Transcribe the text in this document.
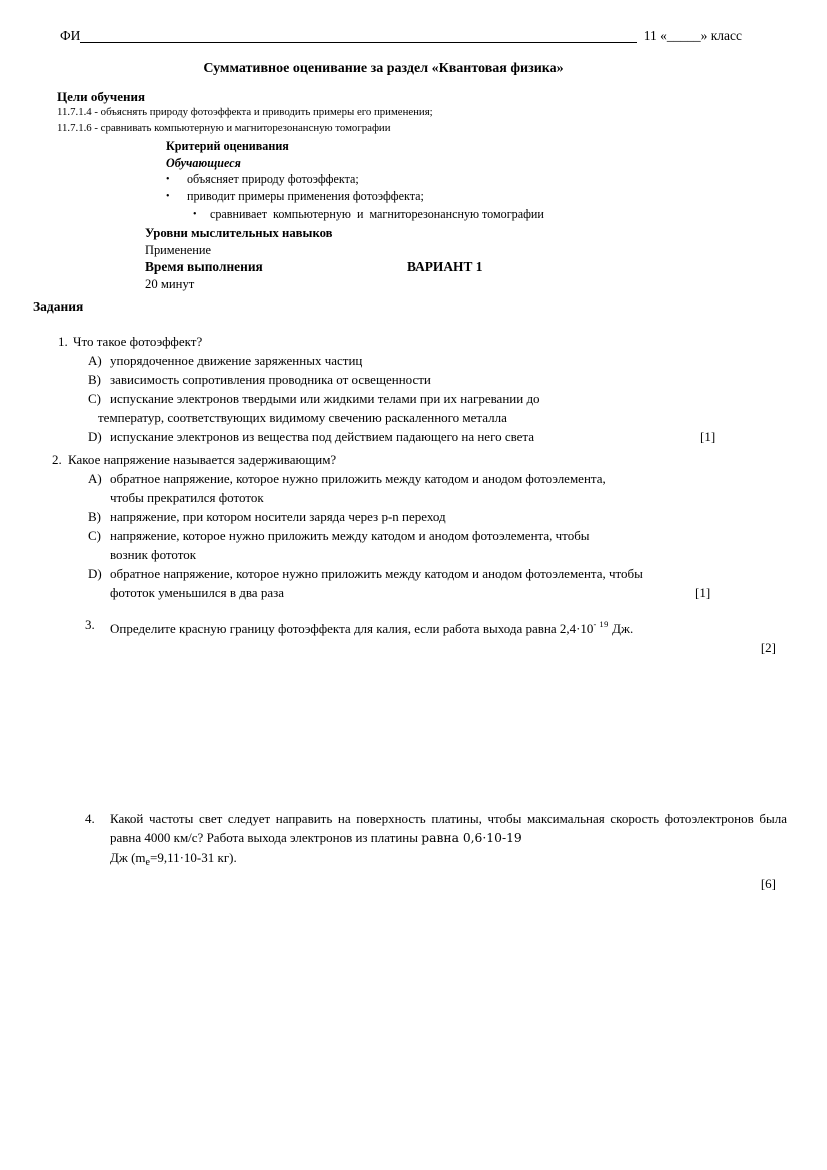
ФИ	11 «_____» класс
Суммативное оценивание за раздел «Квантовая физика»
Цели обучения
11.7.1.4 - объяснять природу фотоэффекта и приводить примеры его применения;
11.7.1.6 - сравнивать компьютерную и магниторезонансную томографии
Критерий оценивания
Обучающиеся
•	объясняет природу фотоэффекта;
•	приводит примеры применения фотоэффекта;
•	сравнивает  компьютерную  и  магниторезонансную томографии
Уровни мыслительных навыков
Применение
Время выполнения	ВАРИАНТ 1
20 минут
Задания
1. Что такое фотоэффект?
A) упорядоченное движение заряженных частиц
B) зависимость сопротивления проводника от освещенности
C) испускание электронов твердыми или жидкими телами при их нагревании до
температур, соответствующих видимому свечению раскаленного металла
D) испускание электронов из вещества под действием падающего на него света	[1]
2. Какое напряжение называется задерживающим?
A) обратное напряжение, которое нужно приложить между катодом и анодом фотоэлемента,
чтобы прекратился фототок
B) напряжение, при котором носители заряда через p-n переход
C) напряжение, которое нужно приложить между катодом и анодом фотоэлемента, чтобы
возник фототок
D) обратное напряжение, которое нужно приложить между катодом и анодом фотоэлемента, чтобы
фототок уменьшился в два раза	[1]
3.	Определите красную границу фотоэффекта для калия, если работа выхода равна $2,4\cdot 10^{- 19}$ Дж.
[2]
4.	Какой частоты свет следует направить на поверхность платины, чтобы максимальная скорость фотоэлектронов была равна 4000 км/с? Работа выхода электронов из платины равна 0,6·10-19
Дж ($m_е=9,11\cdot 10-31$ кг).
[6]
